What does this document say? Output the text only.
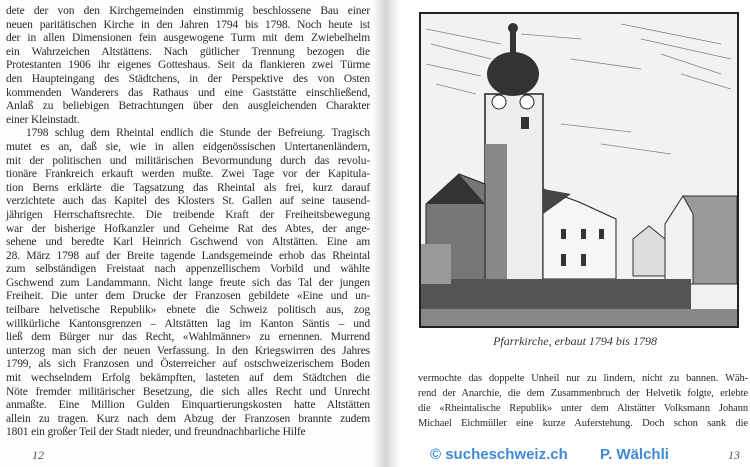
dete der von den Kirchgemeinden einstimmig beschlossene Bau einer
neuen paritätischen Kirche in den Jahren 1794 bis 1798. Noch heute ist
der in allen Dimensionen fein ausgewogene Turm mit dem Zwiebelhelm
ein Wahrzeichen Altstättens. Nach gütlicher Trennung bezogen die
Protestanten 1906 ihr eigenes Gotteshaus. Seit da flankieren zwei Türme
den Haupteingang des Städtchens, in der Perspektive des von Osten
kommenden Wanderers das Rathaus und eine Gaststätte einschließend,
Anlaß zu beliebigen Betrachtungen über den ausgleichenden Charakter
einer Kleinstadt.
1798 schlug dem Rheintal endlich die Stunde der Befreiung. Tragisch
mutet es an, daß sie, wie in allen eidgenössischen Untertanenländern,
mit der politischen und militärischen Bevormundung durch das revolu-
tionäre Frankreich erkauft werden mußte. Zwei Tage vor der Kapitula-
tion Berns erklärte die Tagsatzung das Rheintal als frei, kurz darauf
verzichtete auch das Kapitel des Klosters St. Gallen auf seine tausend-
jährigen Herrschaftsrechte. Die treibende Kraft der Freiheitsbewegung
war der bisherige Hofkanzler und Geheime Rat des Abtes, der ange-
sehene und beredte Karl Heinrich Gschwend von Altstätten. Eine am
28. März 1798 auf der Breite tagende Landsgemeinde erhob das Rheintal
zum selbständigen Freistaat nach appenzellischem Vorbild und wählte
Gschwend zum Landammann. Nicht lange freute sich das Tal der jungen
Freiheit. Die unter dem Drucke der Franzosen gebildete «Eine und un-
teilbare helvetische Republik» ebnete die Schweiz politisch aus, zog
willkürliche Kantonsgrenzen – Altstätten lag im Kanton Säntis – und
ließ dem Bürger nur das Recht, «Wahlmänner» zu ernennen. Murrend
unterzog man sich der neuen Verfassung. In den Kriegswirren des Jahres
1799, als sich Franzosen und Österreicher auf ostschweizerischem Boden
mit wechselndem Erfolg bekämpften, lasteten auf dem Städtchen die
Nöte fremder militärischer Besetzung, die sich alles Recht und Unrecht
anmaßte. Eine Million Gulden Einquartierungskosten hatte Altstätten
allein zu tragen. Kurz nach dem Abzug der Franzosen brannte zudem
1801 ein großer Teil der Stadt nieder, und freundnachbarliche Hilfe
Pfarrkirche, erbaut 1794 bis 1798
vermochte das doppelte Unheil nur zu lindern, nicht zu bannen. Wäh-
rend der Anarchie, die dem Zusammenbruch der Helvetik folgte, erlebte
die «Rheintalische Republik» unter dem Altstätter Volksmann Johann
Michael Eichmüller eine kurze Auferstehung. Doch schon sank die
12	13
© sucheschweiz.ch P. Wälchli
